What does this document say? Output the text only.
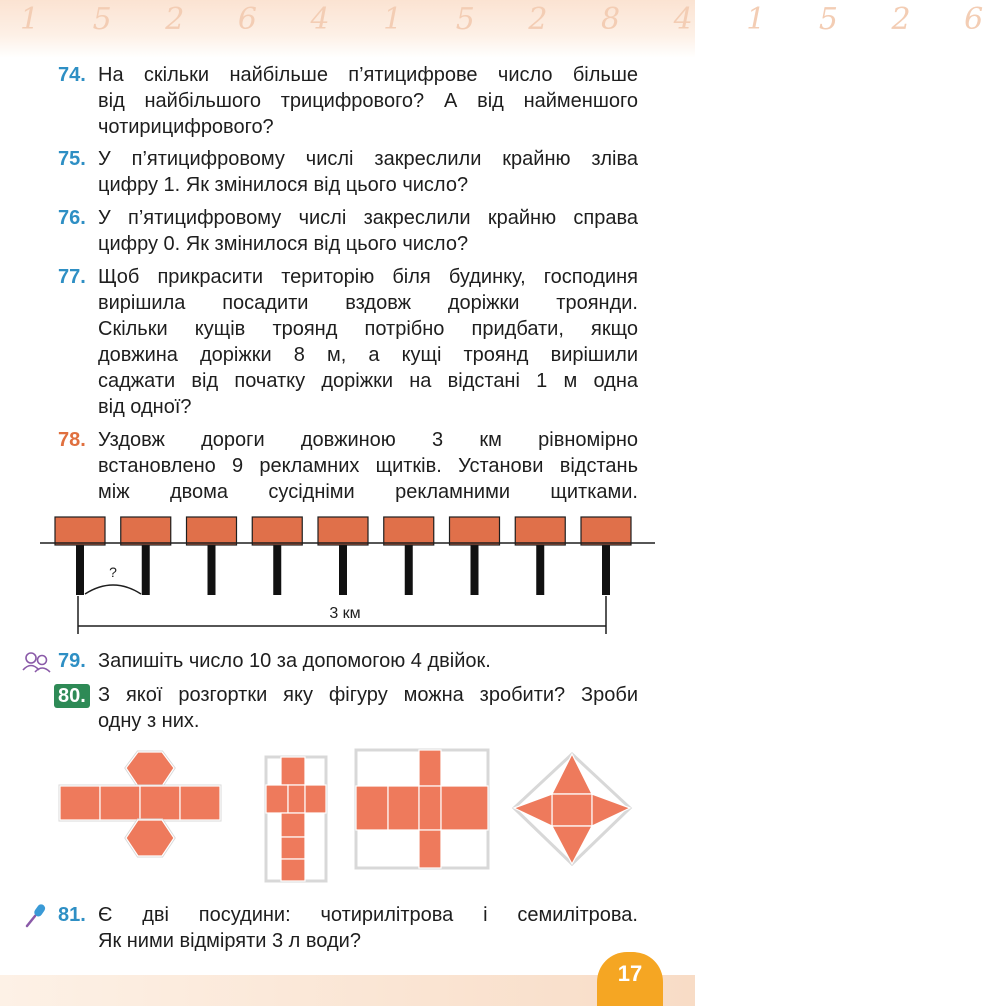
1 5 2 6 4 1 5 2 8 4 1 5 2 6
74. На скільки найбільше п’ятицифрове число більше
від найбільшого трицифрового? А від найменшого
чотирицифрового?
75. У п’ятицифровому числі закреслили крайню зліва
цифру 1. Як змінилося від цього число?
76. У п’ятицифровому числі закреслили крайню справа
цифру 0. Як змінилося від цього число?
77. Щоб прикрасити територію біля будинку, господиня
вирішила посадити вздовж доріжки троянди.
Скільки кущів троянд потрібно придбати, якщо
довжина доріжки 8 м, а кущі троянд вирішили
саджати від початку доріжки на відстані 1 м одна
від одної?
78. Уздовж дороги довжиною 3 км рівномірно
встановлено 9 рекламних щитків. Установи відстань
між двома сусідніми рекламними щитками.
?
3 км
79. Запишіть число 10 за допомогою 4 двійок.
80. З якої розгортки яку фігуру можна зробити? Зроби
одну з них.
81. Є дві посудини: чотирилітрова і семилітрова.
Як ними відміряти 3 л води?
17
